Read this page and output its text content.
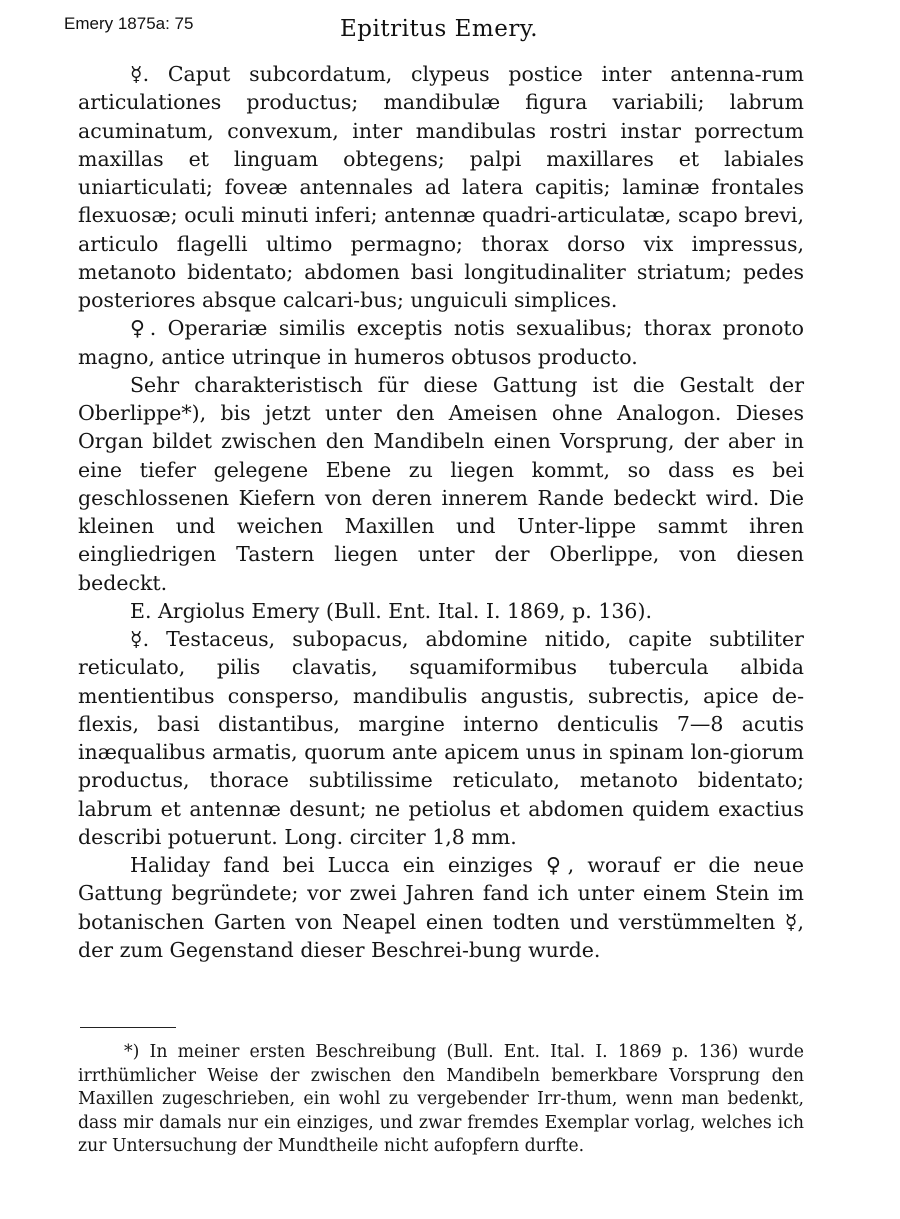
Emery 1875a: 75	Epitritus Emery.

☿. Caput subcordatum, clypeus postice inter antenna-rum articulationes productus; mandibulæ figura variabili; labrum acuminatum, convexum, inter mandibulas rostri instar porrectum maxillas et linguam obtegens; palpi maxillares et labiales uniarticulati; foveæ antennales ad latera capitis; laminæ frontales flexuosæ; oculi minuti inferi; antennæ quadri-articulatæ, scapo brevi, articulo flagelli ultimo permagno; thorax dorso vix impressus, metanoto bidentato; abdomen basi longitudinaliter striatum; pedes posteriores absque calcari-bus; unguiculi simplices.

♀. Operariæ similis exceptis notis sexualibus; thorax pronoto magno, antice utrinque in humeros obtusos producto.

Sehr charakteristisch für diese Gattung ist die Gestalt der Oberlippe*), bis jetzt unter den Ameisen ohne Analogon. Dieses Organ bildet zwischen den Mandibeln einen Vorsprung, der aber in eine tiefer gelegene Ebene zu liegen kommt, so dass es bei geschlossenen Kiefern von deren innerem Rande bedeckt wird. Die kleinen und weichen Maxillen und Unter-lippe sammt ihren eingliedrigen Tastern liegen unter der Oberlippe, von diesen bedeckt.

E. Argiolus Emery (Bull. Ent. Ital. I. 1869, p. 136).

☿. Testaceus, subopacus, abdomine nitido, capite subtiliter reticulato, pilis clavatis, squamiformibus tubercula albida mentientibus consperso, mandibulis angustis, subrectis, apice de-flexis, basi distantibus, margine interno denticulis 7—8 acutis inæqualibus armatis, quorum ante apicem unus in spinam lon-giorum productus, thorace subtilissime reticulato, metanoto bidentato; labrum et antennæ desunt; ne petiolus et abdomen quidem exactius describi potuerunt. Long. circiter 1,8 mm.

Haliday fand bei Lucca ein einziges ♀, worauf er die neue Gattung begründete; vor zwei Jahren fand ich unter einem Stein im botanischen Garten von Neapel einen todten und verstümmelten ☿, der zum Gegenstand dieser Beschrei-bung wurde.

*) In meiner ersten Beschreibung (Bull. Ent. Ital. I. 1869 p. 136) wurde irrthümlicher Weise der zwischen den Mandibeln bemerkbare Vorsprung den Maxillen zugeschrieben, ein wohl zu vergebender Irr-thum, wenn man bedenkt, dass mir damals nur ein einziges, und zwar fremdes Exemplar vorlag, welches ich zur Untersuchung der Mundtheile nicht aufopfern durfte.
